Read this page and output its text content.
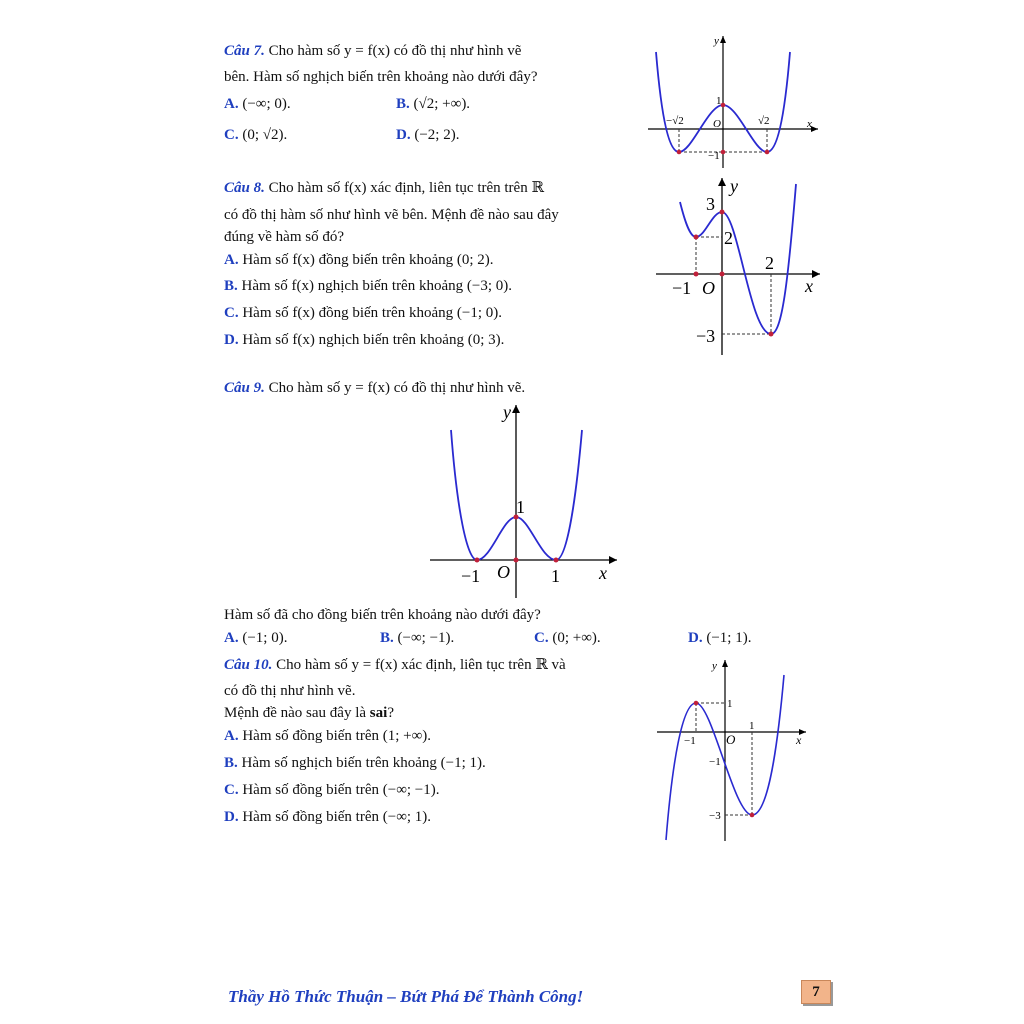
Câu 7. Cho hàm số y = f(x) có đồ thị như hình vẽ
bên. Hàm số nghịch biến trên khoảng nào dưới đây?
A. (−∞; 0).	B. (√2; +∞).
C. (0; √2).	D. (−2; 2).
y
x
O
−√2	√2
1
−1
Câu 8. Cho hàm số f(x) xác định, liên tục trên trên ℝ
có đồ thị hàm số như hình vẽ bên. Mệnh đề nào sau đây
đúng về hàm số đó?
A. Hàm số f(x) đồng biến trên khoảng (0; 2).
B. Hàm số f(x) nghịch biến trên khoảng (−3; 0).
C. Hàm số f(x) đồng biến trên khoảng (−1; 0).
D. Hàm số f(x) nghịch biến trên khoảng (0; 3).
y
x
O
3
2
2
−1
−3
Câu 9. Cho hàm số y = f(x) có đồ thị như hình vẽ.
y
x
O
1
−1	1
Hàm số đã cho đồng biến trên khoảng nào dưới đây?
A. (−1; 0).	B. (−∞; −1).	C. (0; +∞).	D. (−1; 1).
Câu 10. Cho hàm số y = f(x) xác định, liên tục trên ℝ và
có đồ thị như hình vẽ.
Mệnh đề nào sau đây là sai?
A. Hàm số đồng biến trên (1; +∞).
B. Hàm số nghịch biến trên khoảng (−1; 1).
C. Hàm số đồng biến trên (−∞; −1).
D. Hàm số đồng biến trên (−∞; 1).
y
x
O
1
−1
1
−1
−3
Thầy Hồ Thức Thuận – Bứt Phá Để Thành Công!	7
